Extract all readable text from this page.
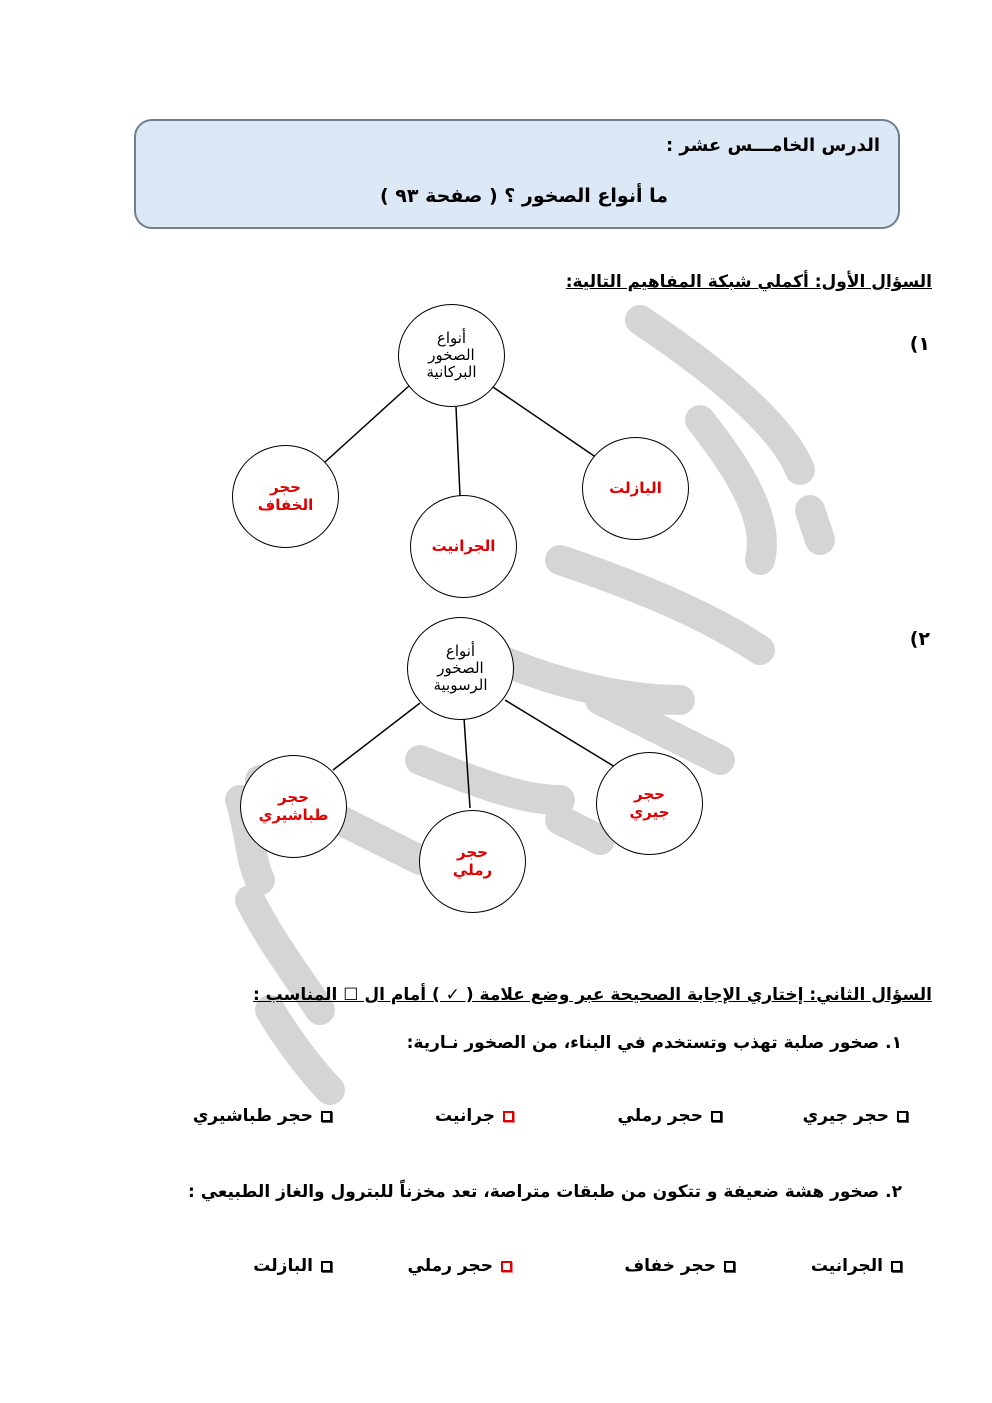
الدرس الخامـــس عشر :
ما أنواع الصخور ؟ ( صفحة ٩٣ )
السؤال الأول: أكملي شبكة المفاهيم التالية:
١)
٢)
أنواع
الصخور
البركانية
حجر
الخفاف
الجرانيت
البازلت
أنواع
الصخور
الرسوبية
حجر
طباشيري
حجر
رملي
حجر
جيري
السؤال الثاني: إختاري الإجابة الصحيحة عبر وضع علامة ( ✓ ) أمام ال ☐ المناسب :
١. صخور صلبة تهذب وتستخدم في البناء، من الصخور نـارية:
حجر جيري
حجر رملي
جرانيت
حجر طباشيري
٢. صخور هشة ضعيفة و تتكون من طبقات متراصة، تعد مخزناً للبترول والغاز الطبيعي :
الجرانيت
حجر خفاف
حجر رملي
البازلت
